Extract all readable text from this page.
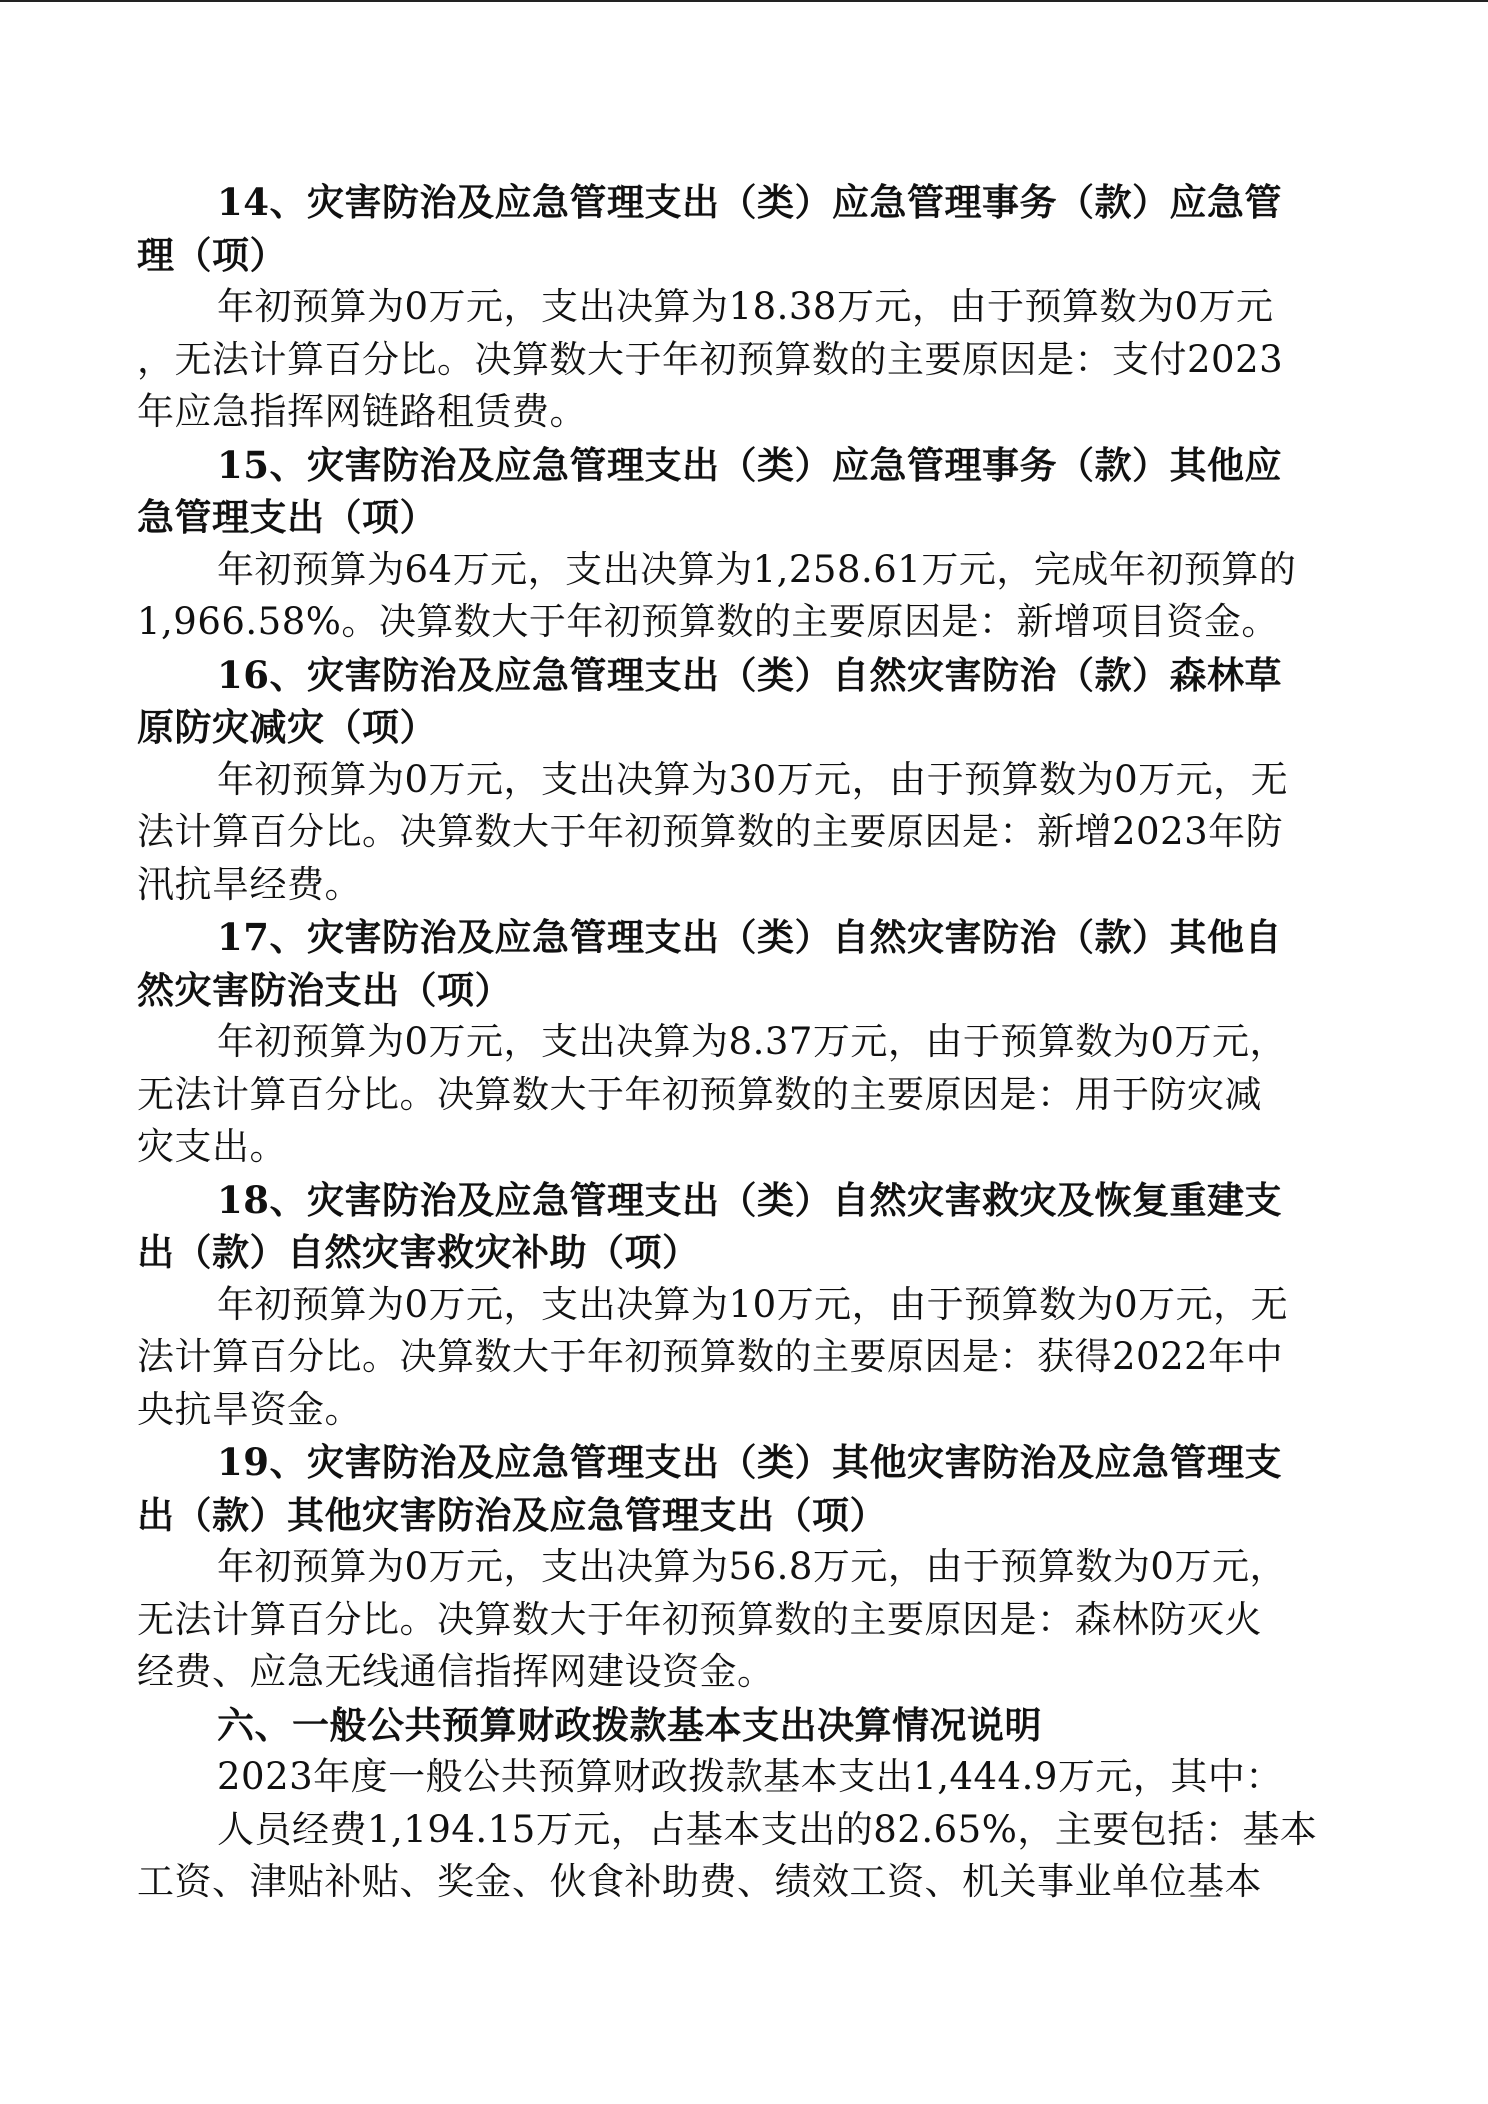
14、灾害防治及应急管理支出（类）应急管理事务（款）应急管
理（项）
年初预算为0万元，支出决算为18.38万元，由于预算数为0万元
，无法计算百分比。决算数大于年初预算数的主要原因是：支付2023
年应急指挥网链路租赁费。
15、灾害防治及应急管理支出（类）应急管理事务（款）其他应
急管理支出（项）
年初预算为64万元，支出决算为1,258.61万元，完成年初预算的
1,966.58%。决算数大于年初预算数的主要原因是：新增项目资金。
16、灾害防治及应急管理支出（类）自然灾害防治（款）森林草
原防灾减灾（项）
年初预算为0万元，支出决算为30万元，由于预算数为0万元，无
法计算百分比。决算数大于年初预算数的主要原因是：新增2023年防
汛抗旱经费。
17、灾害防治及应急管理支出（类）自然灾害防治（款）其他自
然灾害防治支出（项）
年初预算为0万元，支出决算为8.37万元，由于预算数为0万元，
无法计算百分比。决算数大于年初预算数的主要原因是：用于防灾减
灾支出。
18、灾害防治及应急管理支出（类）自然灾害救灾及恢复重建支
出（款）自然灾害救灾补助（项）
年初预算为0万元，支出决算为10万元，由于预算数为0万元，无
法计算百分比。决算数大于年初预算数的主要原因是：获得2022年中
央抗旱资金。
19、灾害防治及应急管理支出（类）其他灾害防治及应急管理支
出（款）其他灾害防治及应急管理支出（项）
年初预算为0万元，支出决算为56.8万元，由于预算数为0万元，
无法计算百分比。决算数大于年初预算数的主要原因是：森林防灭火
经费、应急无线通信指挥网建设资金。
六、一般公共预算财政拨款基本支出决算情况说明
2023年度一般公共预算财政拨款基本支出1,444.9万元，其中：
人员经费1,194.15万元，占基本支出的82.65%，主要包括：基本
工资、津贴补贴、奖金、伙食补助费、绩效工资、机关事业单位基本
